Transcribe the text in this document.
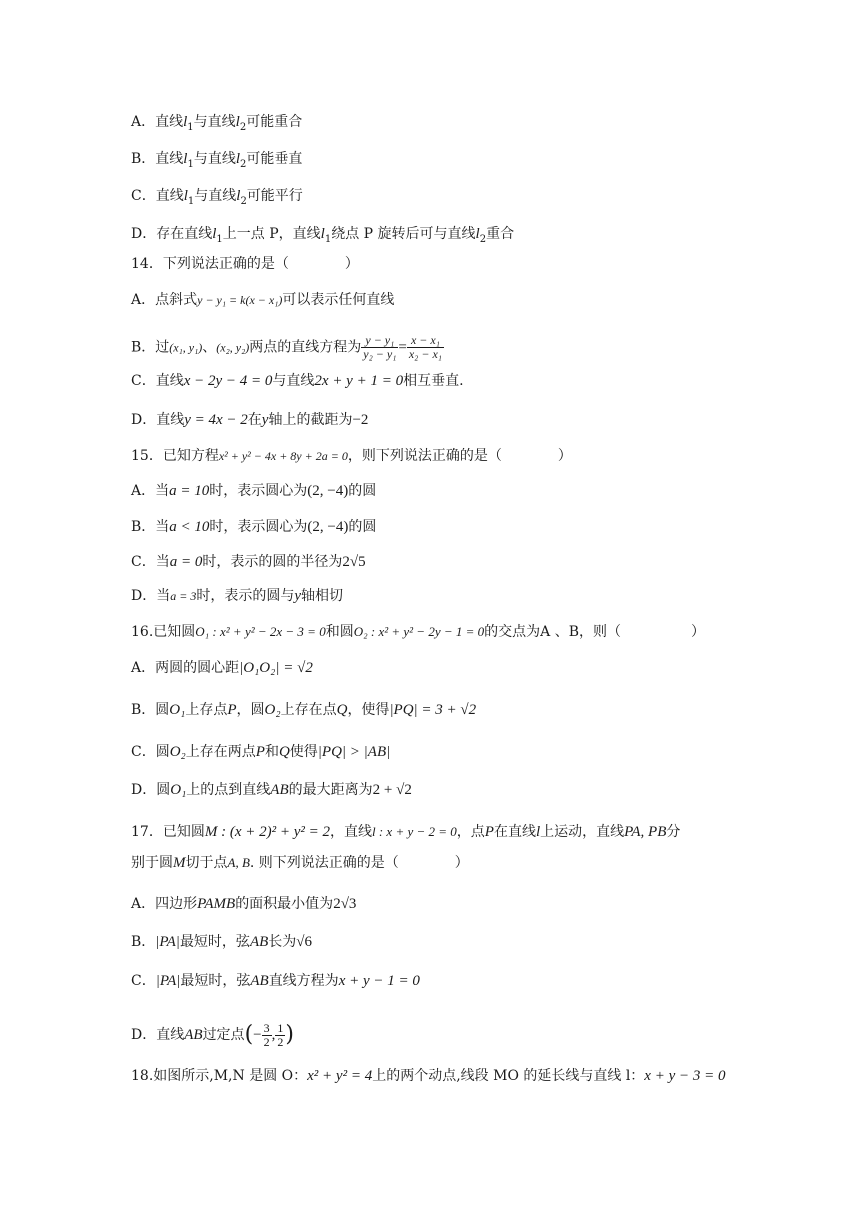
A．直线$l_1$与直线$l_2$可能重合
B．直线$l_1$与直线$l_2$可能垂直
C．直线$l_1$与直线$l_2$可能平行
D．存在直线$l_1$上一点 P，直线$l_1$绕点 P 旋转后可与直线$l_2$重合
14．下列说法正确的是（　　　　）
A．点斜式y − y₁ = k(x − x₁)可以表示任何直线
B．过(x₁, y₁)、(x₂, y₂)两点的直线方程为 $\frac{\text{y − y₁}}{\text{y₂ − y₁}} = \frac{\text{x − x₁}}{\text{x₂ − x₁}}$
C．直线x − 2y − 4 = 0与直线2x + y + 1 = 0相互垂直.
D．直线y = 4x − 2在y轴上的截距为−2
15．已知方程x² + y² − 4x + 8y + 2a = 0，则下列说法正确的是（　　　　）
A．当a = 10时，表示圆心为(2, −4)的圆
B．当a < 10时，表示圆心为(2, −4)的圆
C．当a = 0时，表示的圆的半径为2√5
D．当a = 3时，表示的圆与y轴相切
16.已知圆O₁ : x² + y² − 2x − 3 = 0和圆O₂ : x² + y² − 2y − 1 = 0的交点为A 、B，则（　　　　　）
A．两圆的圆心距|O₁O₂| = √2
B．圆O₁上存点P，圆O₂上存在点Q，使得|PQ| = 3 + √2
C．圆O₂上存在两点P和Q使得|PQ| > |AB|
D．圆O₁上的点到直线AB的最大距离为2 + √2
17．已知圆M : (x + 2)² + y² = 2，直线l : x + y − 2 = 0，点P在直线l上运动，直线PA, PB分
别于圆M切于点A, B. 则下列说法正确的是（　　　　）
A．四边形PAMB的面积最小值为2√3
B．|PA|最短时，弦AB长为√6
C．|PA|最短时，弦AB直线方程为x + y − 1 = 0
D．直线AB过定点(− $\frac{3}{2}$ , $\frac{1}{2}$ )
18.如图所示,M,N 是圆 O：x² + y² = 4上的两个动点,线段 MO 的延长线与直线 l：x + y − 3 = 0
